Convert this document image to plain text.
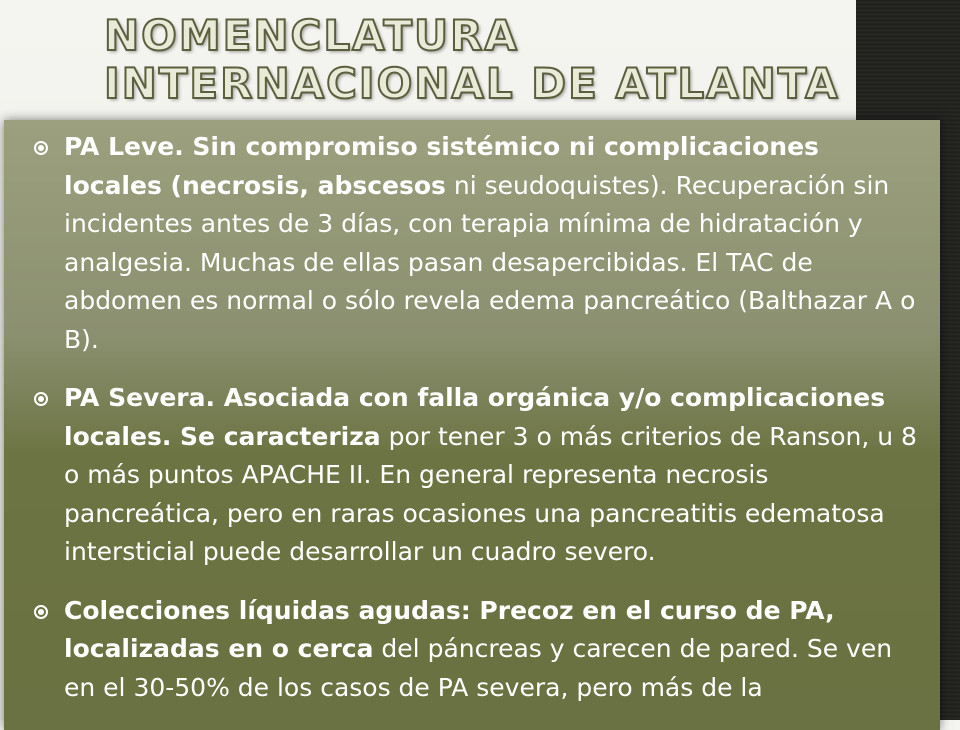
NOMENCLATURA INTERNACIONAL DE ATLANTA
PA Leve. Sin compromiso sistémico ni complicaciones locales (necrosis, abscesos ni seudoquistes). Recuperación sin incidentes antes de 3 días, con terapia mínima de hidratación y analgesia. Muchas de ellas pasan desapercibidas. El TAC de abdomen es normal o sólo revela edema pancreático (Balthazar A o B).
PA Severa. Asociada con falla orgánica y/o complicaciones locales. Se caracteriza por tener 3 o más criterios de Ranson, u 8 o más puntos APACHE II. En general representa necrosis pancreática, pero en raras ocasiones una pancreatitis edematosa intersticial puede desarrollar un cuadro severo.
Colecciones líquidas agudas: Precoz en el curso de PA, localizadas en o cerca del páncreas y carecen de pared. Se ven en el 30-50% de los casos de PA severa, pero más de la
